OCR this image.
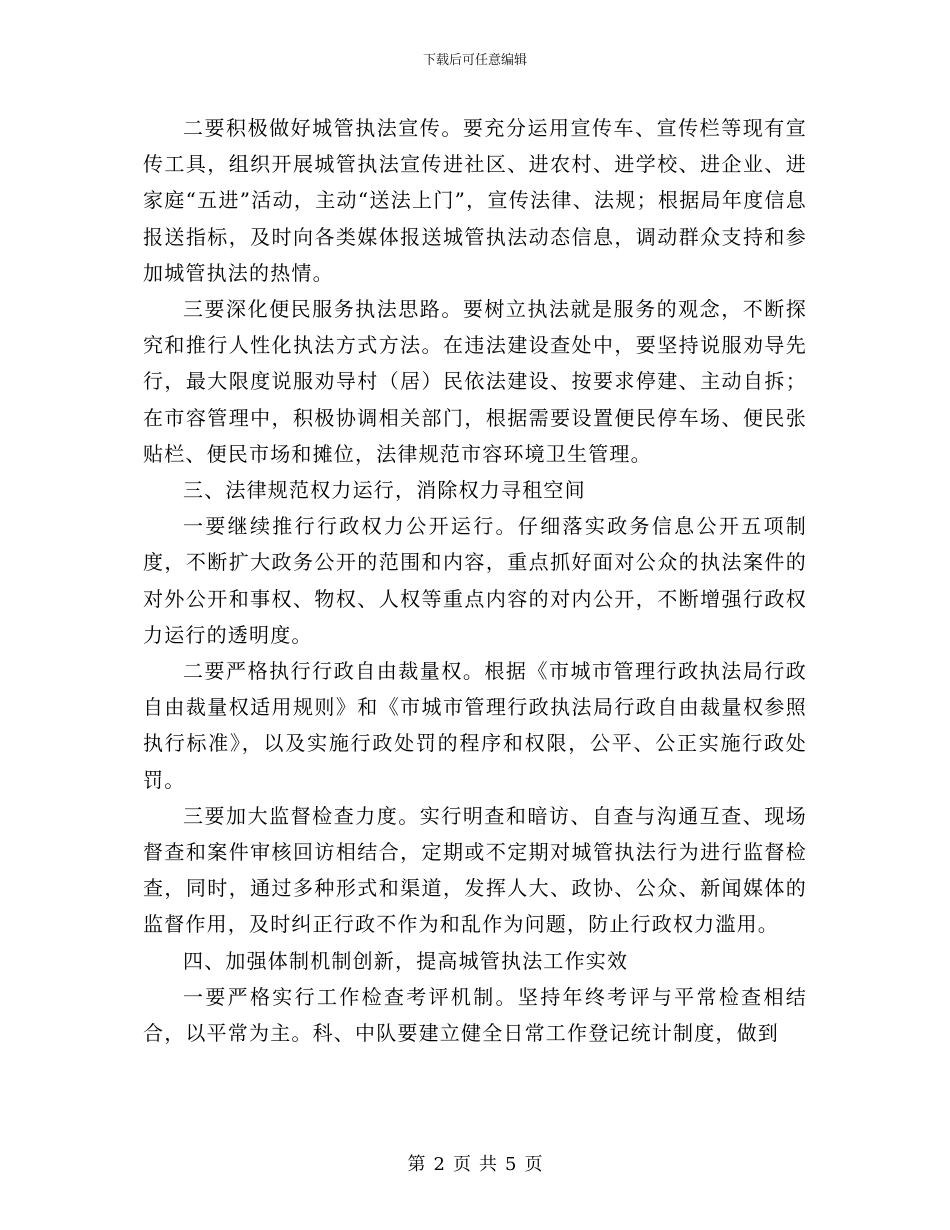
下载后可任意编辑

二要积极做好城管执法宣传。要充分运用宣传车、宣传栏等现有宣传工具，组织开展城管执法宣传进社区、进农村、进学校、进企业、进家庭“五进”活动，主动“送法上门”，宣传法律、法规；根据局年度信息报送指标，及时向各类媒体报送城管执法动态信息，调动群众支持和参加城管执法的热情。

三要深化便民服务执法思路。要树立执法就是服务的观念，不断探究和推行人性化执法方式方法。在违法建设查处中，要坚持说服劝导先行，最大限度说服劝导村（居）民依法建设、按要求停建、主动自拆；在市容管理中，积极协调相关部门，根据需要设置便民停车场、便民张贴栏、便民市场和摊位，法律规范市容环境卫生管理。

三、法律规范权力运行，消除权力寻租空间

一要继续推行行政权力公开运行。仔细落实政务信息公开五项制度，不断扩大政务公开的范围和内容，重点抓好面对公众的执法案件的对外公开和事权、物权、人权等重点内容的对内公开，不断增强行政权力运行的透明度。

二要严格执行行政自由裁量权。根据《市城市管理行政执法局行政自由裁量权适用规则》和《市城市管理行政执法局行政自由裁量权参照执行标准》，以及实施行政处罚的程序和权限，公平、公正实施行政处罚。

三要加大监督检查力度。实行明查和暗访、自查与沟通互查、现场督查和案件审核回访相结合，定期或不定期对城管执法行为进行监督检查，同时，通过多种形式和渠道，发挥人大、政协、公众、新闻媒体的监督作用，及时纠正行政不作为和乱作为问题，防止行政权力滥用。

四、加强体制机制创新，提高城管执法工作实效

一要严格实行工作检查考评机制。坚持年终考评与平常检查相结合，以平常为主。科、中队要建立健全日常工作登记统计制度，做到

第 2 页 共 5 页
